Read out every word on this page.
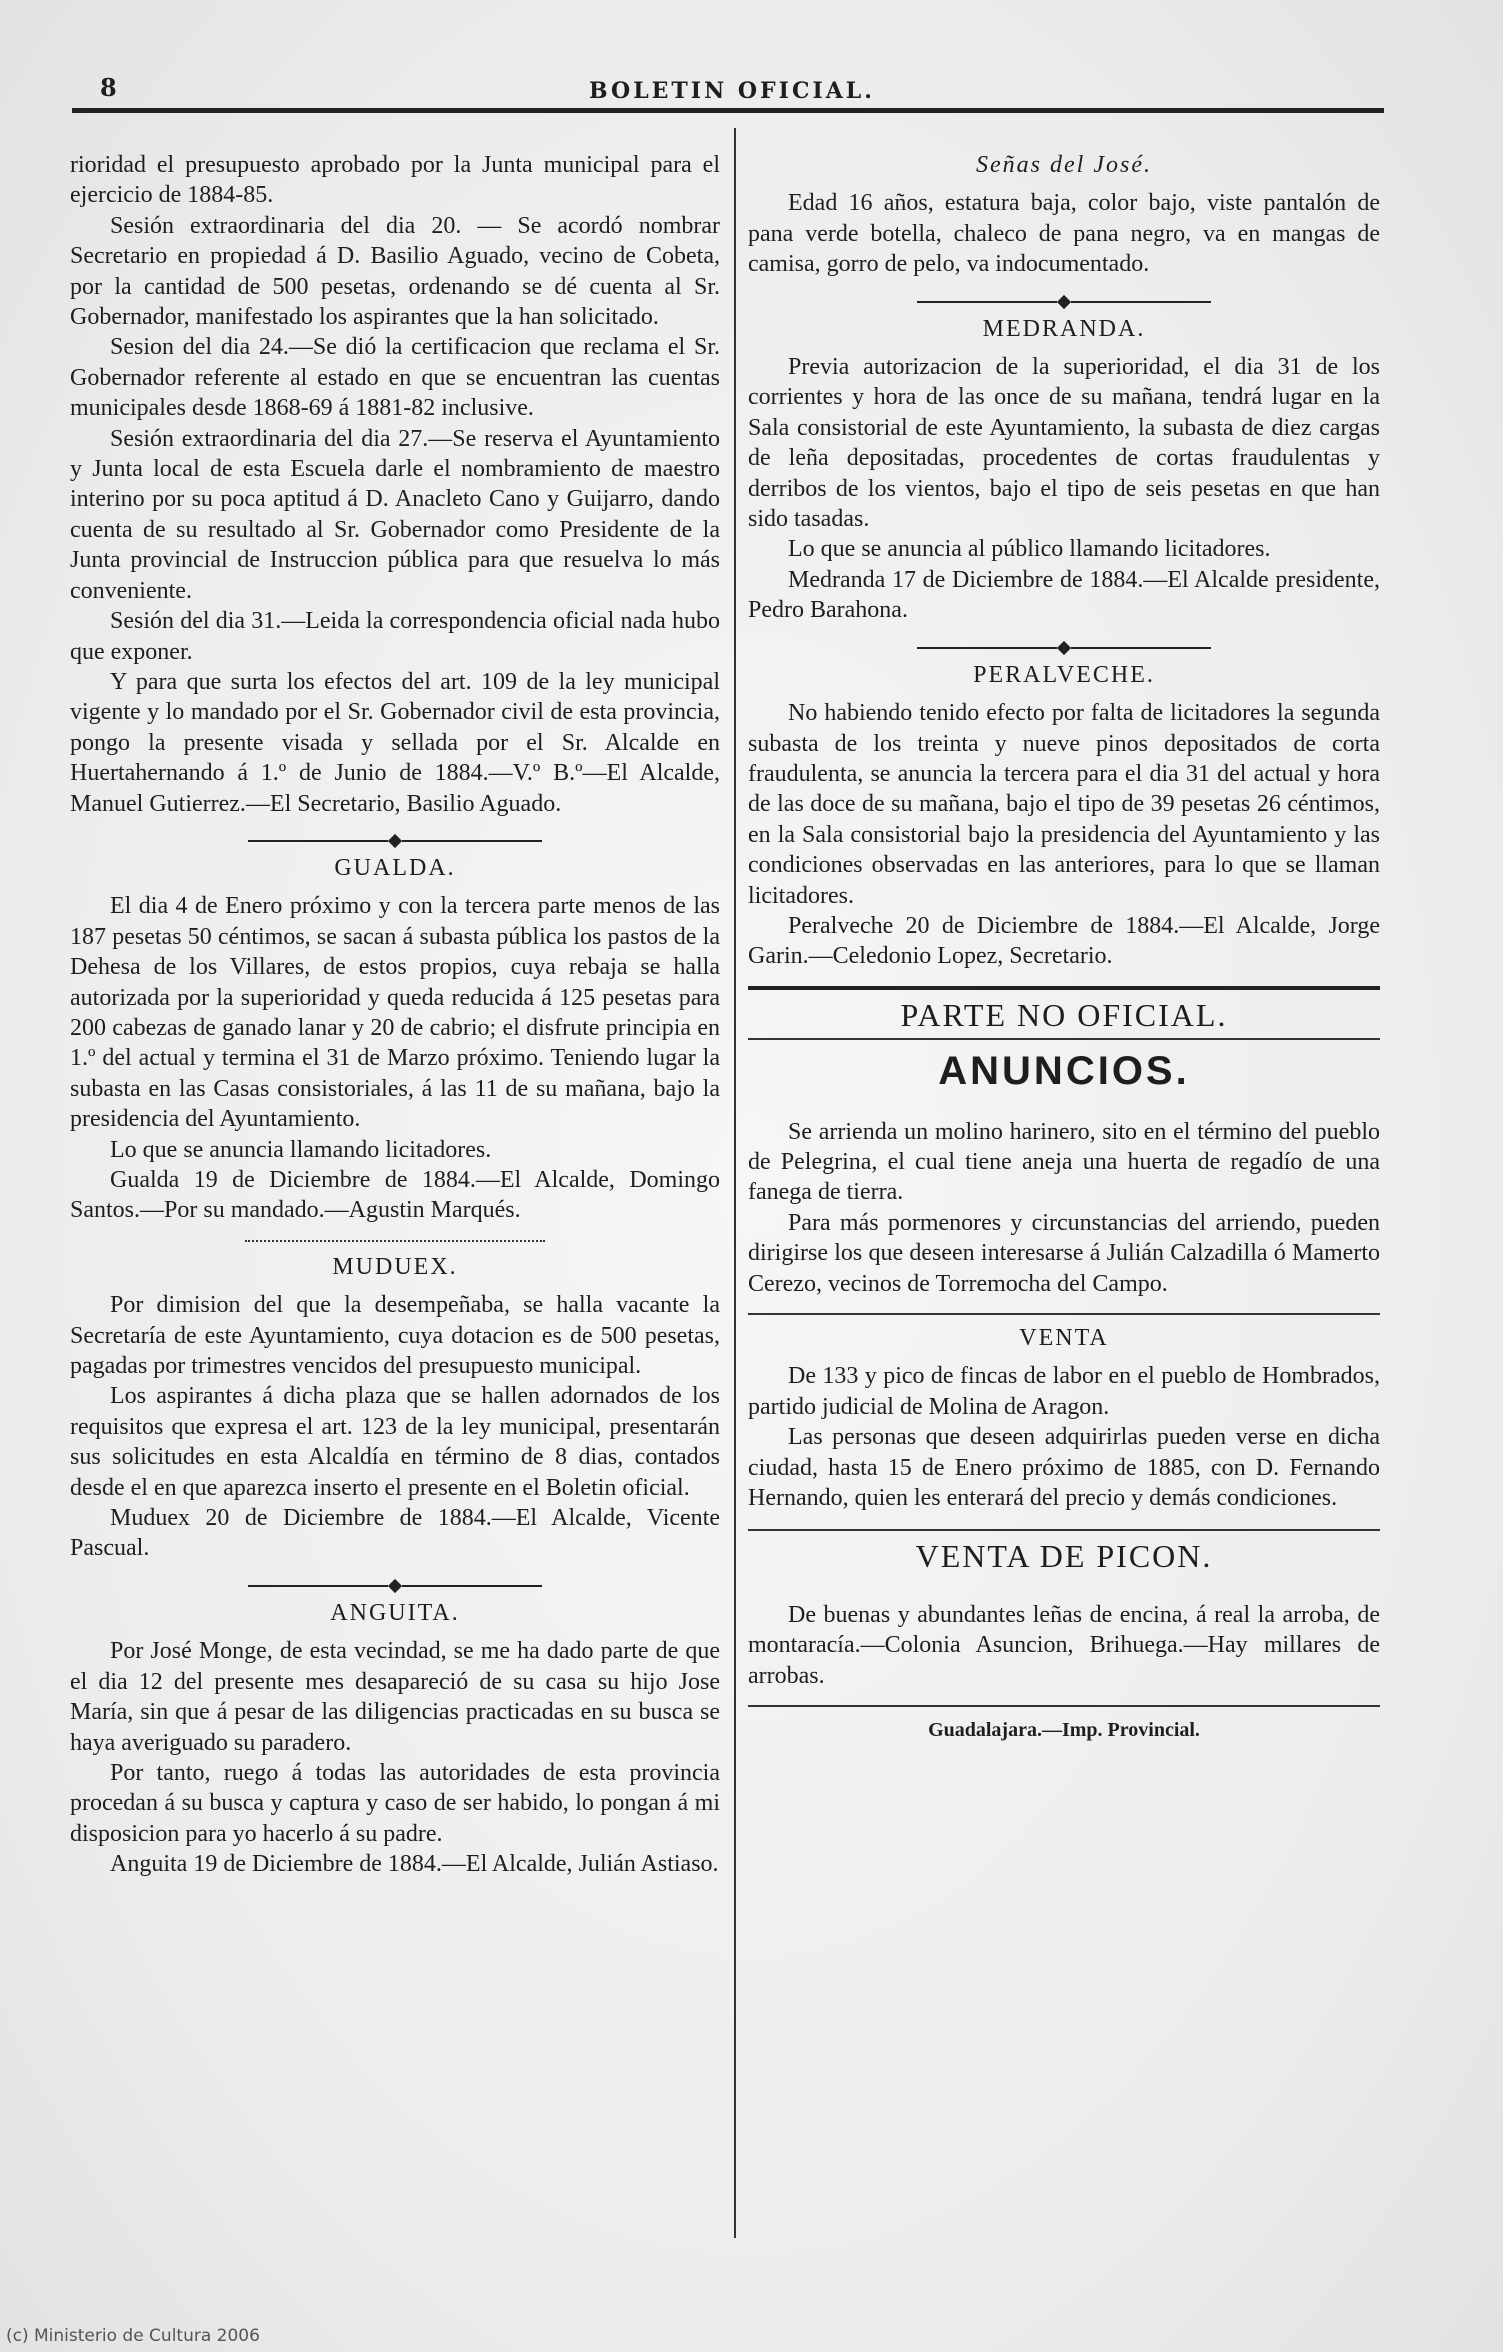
8	BOLETIN OFICIAL.

rioridad el presupuesto aprobado por la Junta municipal para el ejercicio de 1884-85.

Sesión extraordinaria del dia 20. — Se acordó nombrar Secretario en propiedad á D. Basilio Aguado, vecino de Cobeta, por la cantidad de 500 pesetas, ordenando se dé cuenta al Sr. Gobernador, manifestado los aspirantes que la han solicitado.

Sesion del dia 24.—Se dió la certificacion que reclama el Sr. Gobernador referente al estado en que se encuentran las cuentas municipales desde 1868-69 á 1881-82 inclusive.

Sesión extraordinaria del dia 27.—Se reserva el Ayuntamiento y Junta local de esta Escuela darle el nombramiento de maestro interino por su poca aptitud á D. Anacleto Cano y Guijarro, dando cuenta de su resultado al Sr. Gobernador como Presidente de la Junta provincial de Instruccion pública para que resuelva lo más conveniente.

Sesión del dia 31.—Leida la correspondencia oficial nada hubo que exponer.

Y para que surta los efectos del art. 109 de la ley municipal vigente y lo mandado por el Sr. Gobernador civil de esta provincia, pongo la presente visada y sellada por el Sr. Alcalde en Huertahernando á 1.º de Junio de 1884.—V.º B.º—El Alcalde, Manuel Gutierrez.—El Secretario, Basilio Aguado.

GUALDA.

El dia 4 de Enero próximo y con la tercera parte menos de las 187 pesetas 50 céntimos, se sacan á subasta pública los pastos de la Dehesa de los Villares, de estos propios, cuya rebaja se halla autorizada por la superioridad y queda reducida á 125 pesetas para 200 cabezas de ganado lanar y 20 de cabrio; el disfrute principia en 1.º del actual y termina el 31 de Marzo próximo. Teniendo lugar la subasta en las Casas consistoriales, á las 11 de su mañana, bajo la presidencia del Ayuntamiento.

Lo que se anuncia llamando licitadores.

Gualda 19 de Diciembre de 1884.—El Alcalde, Domingo Santos.—Por su mandado.—Agustin Marqués.

MUDUEX.

Por dimision del que la desempeñaba, se halla vacante la Secretaría de este Ayuntamiento, cuya dotacion es de 500 pesetas, pagadas por trimestres vencidos del presupuesto municipal.

Los aspirantes á dicha plaza que se hallen adornados de los requisitos que expresa el art. 123 de la ley municipal, presentarán sus solicitudes en esta Alcaldía en término de 8 dias, contados desde el en que aparezca inserto el presente en el Boletin oficial.

Muduex 20 de Diciembre de 1884.—El Alcalde, Vicente Pascual.

ANGUITA.

Por José Monge, de esta vecindad, se me ha dado parte de que el dia 12 del presente mes desapareció de su casa su hijo Jose María, sin que á pesar de las diligencias practicadas en su busca se haya averiguado su paradero.

Por tanto, ruego á todas las autoridades de esta provincia procedan á su busca y captura y caso de ser habido, lo pongan á mi disposicion para yo hacerlo á su padre.

Anguita 19 de Diciembre de 1884.—El Alcalde, Julián Astiaso.

Señas del José.

Edad 16 años, estatura baja, color bajo, viste pantalón de pana verde botella, chaleco de pana negro, va en mangas de camisa, gorro de pelo, va indocumentado.

MEDRANDA.

Previa autorizacion de la superioridad, el dia 31 de los corrientes y hora de las once de su mañana, tendrá lugar en la Sala consistorial de este Ayuntamiento, la subasta de diez cargas de leña depositadas, procedentes de cortas fraudulentas y derribos de los vientos, bajo el tipo de seis pesetas en que han sido tasadas.

Lo que se anuncia al público llamando licitadores.

Medranda 17 de Diciembre de 1884.—El Alcalde presidente, Pedro Barahona.

PERALVECHE.

No habiendo tenido efecto por falta de licitadores la segunda subasta de los treinta y nueve pinos depositados de corta fraudulenta, se anuncia la tercera para el dia 31 del actual y hora de las doce de su mañana, bajo el tipo de 39 pesetas 26 céntimos, en la Sala consistorial bajo la presidencia del Ayuntamiento y las condiciones observadas en las anteriores, para lo que se llaman licitadores.

Peralveche 20 de Diciembre de 1884.—El Alcalde, Jorge Garin.—Celedonio Lopez, Secretario.

PARTE NO OFICIAL.
ANUNCIOS.

Se arrienda un molino harinero, sito en el término del pueblo de Pelegrina, el cual tiene aneja una huerta de regadío de una fanega de tierra.

Para más pormenores y circunstancias del arriendo, pueden dirigirse los que deseen interesarse á Julián Calzadilla ó Mamerto Cerezo, vecinos de Torremocha del Campo.

VENTA

De 133 y pico de fincas de labor en el pueblo de Hombrados, partido judicial de Molina de Aragon.

Las personas que deseen adquirirlas pueden verse en dicha ciudad, hasta 15 de Enero próximo de 1885, con D. Fernando Hernando, quien les enterará del precio y demás condiciones.

VENTA DE PICON.

De buenas y abundantes leñas de encina, á real la arroba, de montaracía.—Colonia Asuncion, Brihuega.—Hay millares de arrobas.

Guadalajara.—Imp. Provincial.
(c) Ministerio de Cultura 2006
